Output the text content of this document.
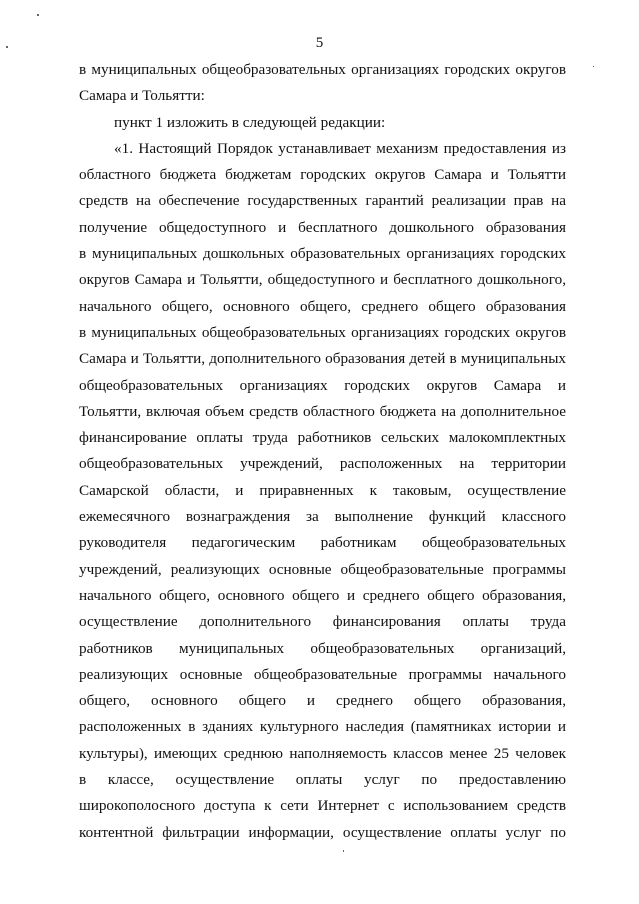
5
в муниципальных общеобразовательных организациях городских округов
Самара и Тольятти:
пункт 1 изложить в следующей редакции:
«1. Настоящий Порядок устанавливает механизм предоставления из
областного бюджета бюджетам городских округов Самара и Тольятти
средств на обеспечение государственных гарантий реализации прав на
получение общедоступного и бесплатного дошкольного образования
в муниципальных дошкольных образовательных организациях городских
округов Самара и Тольятти, общедоступного и бесплатного дошкольного,
начального общего, основного общего, среднего общего образования
в муниципальных общеобразовательных организациях городских округов
Самара и Тольятти, дополнительного образования детей в муниципальных
общеобразовательных организациях городских округов Самара и
Тольятти, включая объем средств областного бюджета на дополнительное
финансирование оплаты труда работников сельских малокомплектных
общеобразовательных учреждений, расположенных на территории
Самарской области, и приравненных к таковым, осуществление
ежемесячного вознаграждения за выполнение функций классного
руководителя педагогическим работникам общеобразовательных
учреждений, реализующих основные общеобразовательные программы
начального общего, основного общего и среднего общего образования,
осуществление дополнительного финансирования оплаты труда
работников муниципальных общеобразовательных организаций,
реализующих основные общеобразовательные программы начального
общего, основного общего и среднего общего образования,
расположенных в зданиях культурного наследия (памятниках истории и
культуры), имеющих среднюю наполняемость классов менее 25 человек
в классе, осуществление оплаты услуг по предоставлению
широкополосного доступа к сети Интернет с использованием средств
контентной фильтрации информации, осуществление оплаты услуг по
